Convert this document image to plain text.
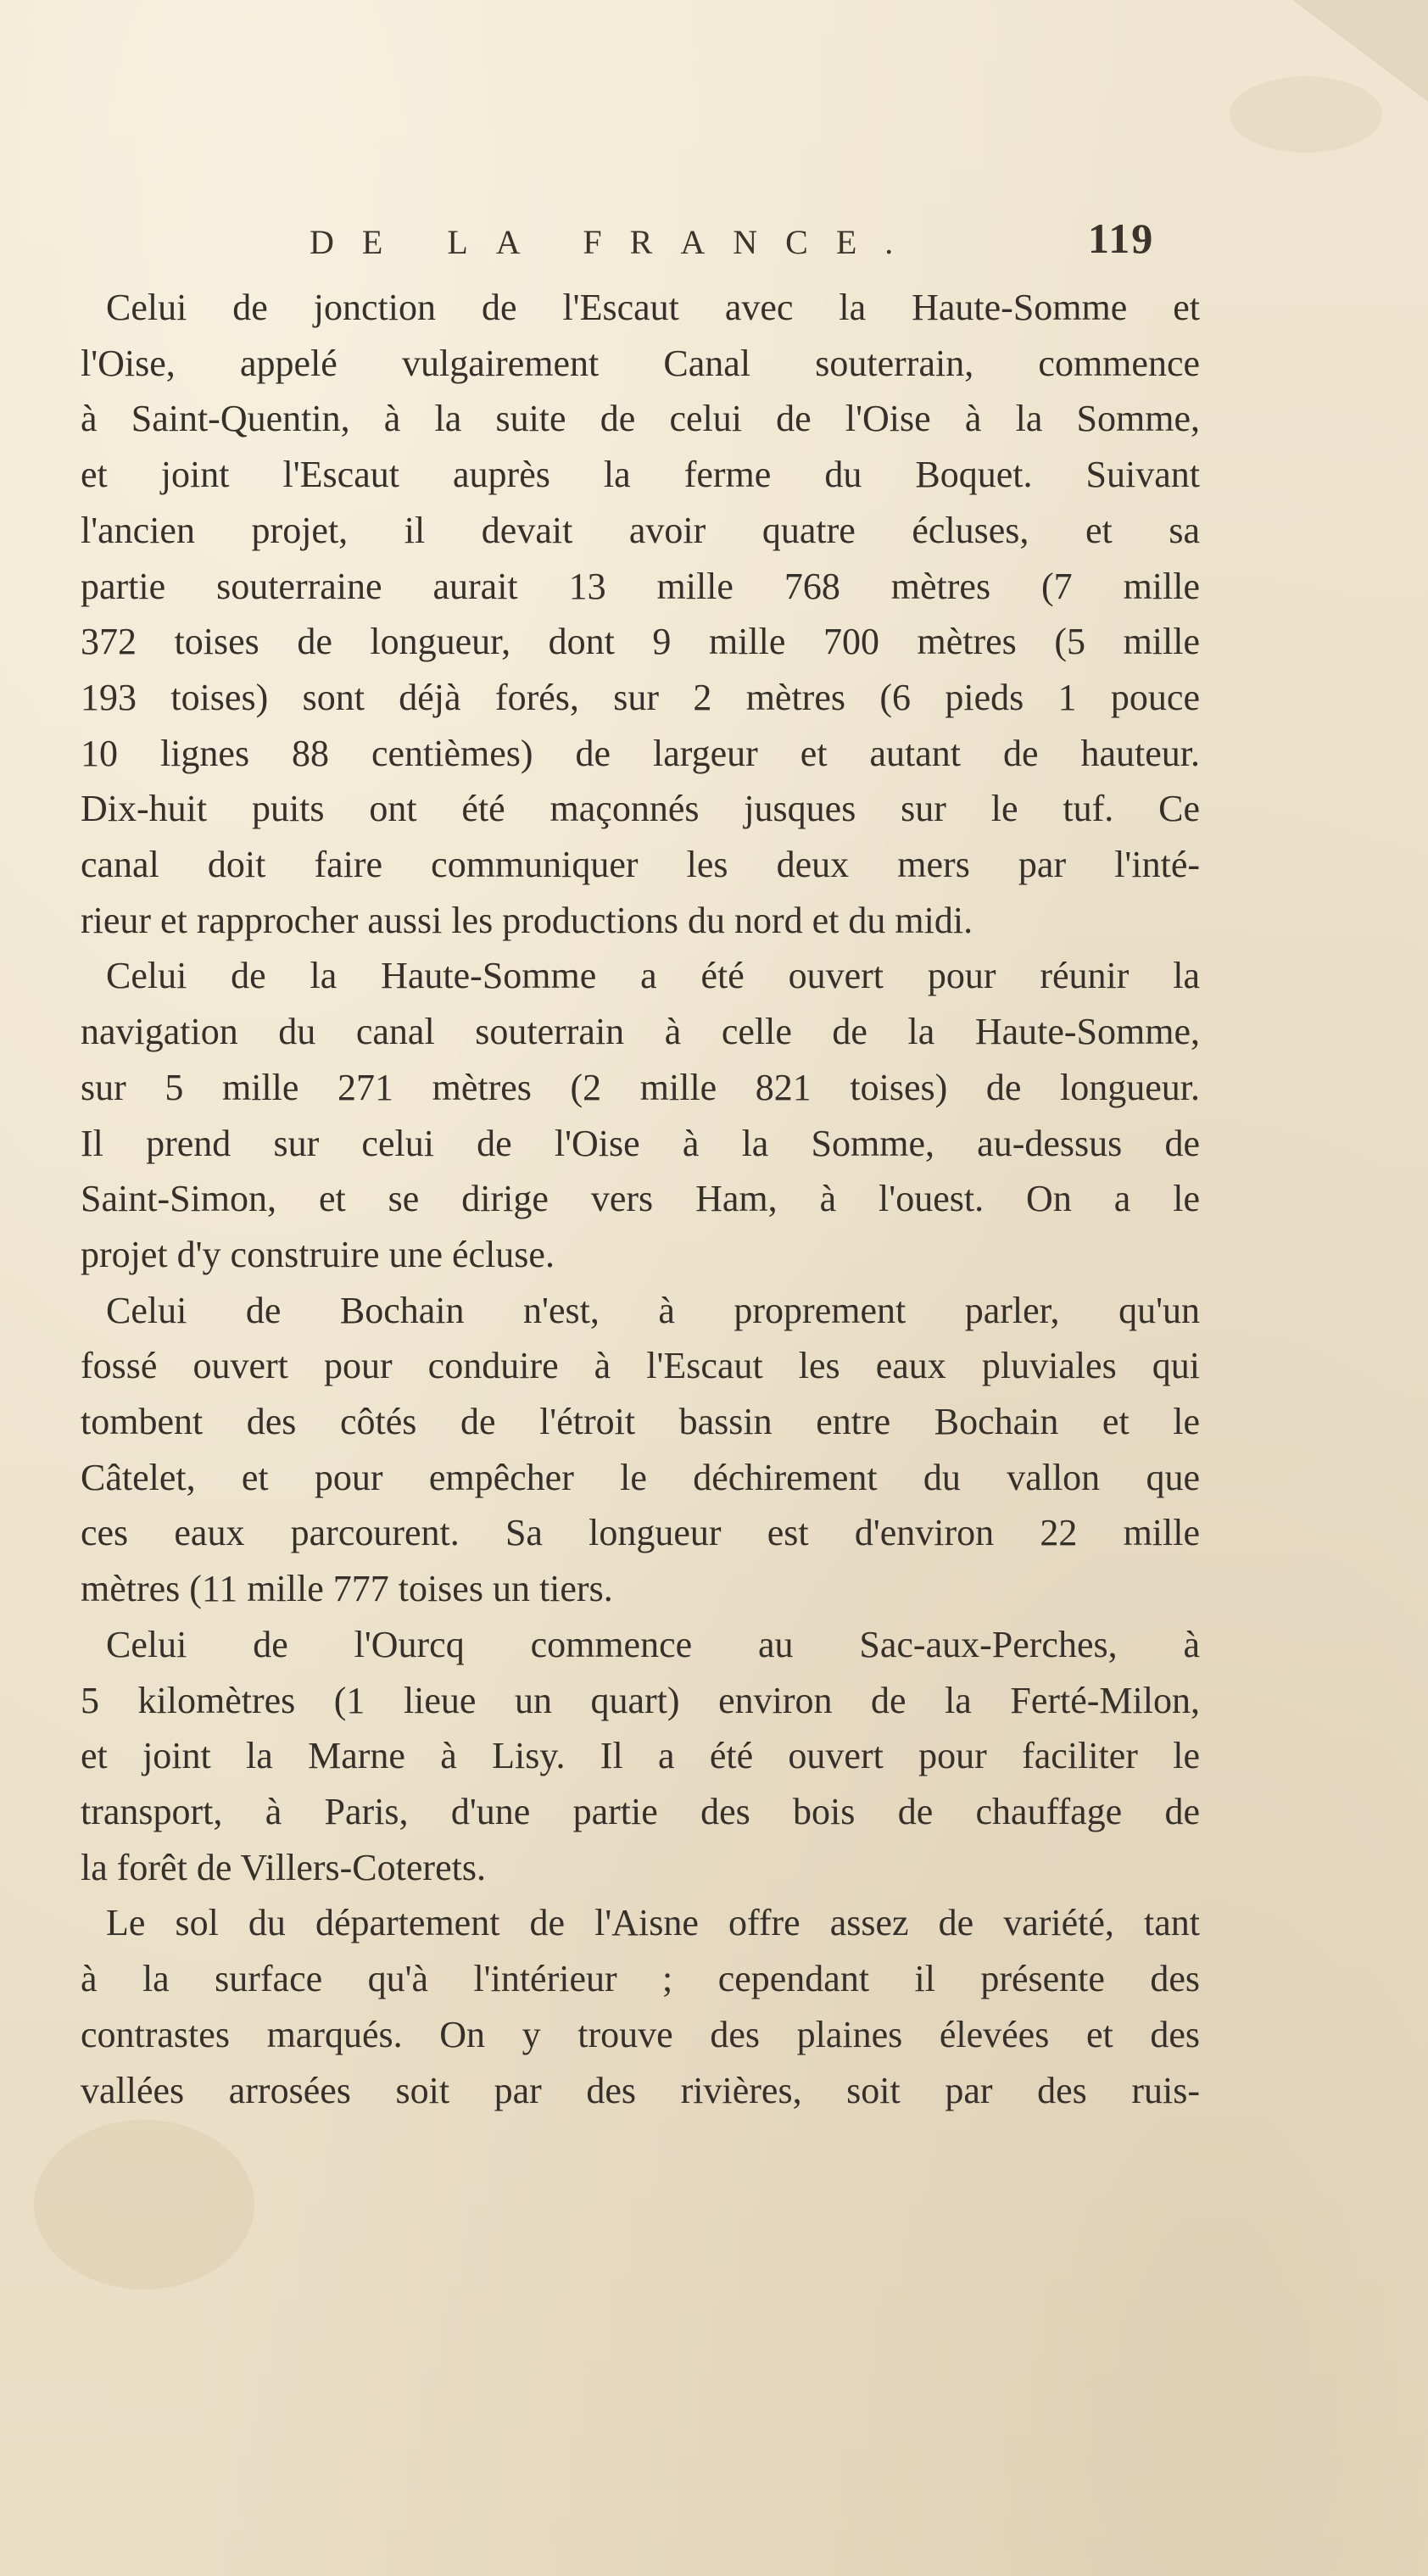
DE LA FRANCE.	119

Celui de jonction de l'Escaut avec la Haute-Somme et
l'Oise, appelé vulgairement Canal souterrain, commence
à Saint-Quentin, à la suite de celui de l'Oise à la Somme,
et joint l'Escaut auprès la ferme du Boquet. Suivant
l'ancien projet, il devait avoir quatre écluses, et sa
partie souterraine aurait 13 mille 768 mètres (7 mille
372 toises de longueur, dont 9 mille 700 mètres (5 mille
193 toises) sont déjà forés, sur 2 mètres (6 pieds 1 pouce
10 lignes 88 centièmes) de largeur et autant de hauteur.
Dix-huit puits ont été maçonnés jusques sur le tuf. Ce
canal doit faire communiquer les deux mers par l'inté-
rieur et rapprocher aussi les productions du nord et du midi.

Celui de la Haute-Somme a été ouvert pour réunir la
navigation du canal souterrain à celle de la Haute-Somme,
sur 5 mille 271 mètres (2 mille 821 toises) de longueur.
Il prend sur celui de l'Oise à la Somme, au-dessus de
Saint-Simon, et se dirige vers Ham, à l'ouest. On a le
projet d'y construire une écluse.

Celui de Bochain n'est, à proprement parler, qu'un
fossé ouvert pour conduire à l'Escaut les eaux pluviales qui
tombent des côtés de l'étroit bassin entre Bochain et le
Câtelet, et pour empêcher le déchirement du vallon que
ces eaux parcourent. Sa longueur est d'environ 22 mille
mètres (11 mille 777 toises un tiers.

Celui de l'Ourcq commence au Sac-aux-Perches, à
5 kilomètres (1 lieue un quart) environ de la Ferté-Milon,
et joint la Marne à Lisy. Il a été ouvert pour faciliter le
transport, à Paris, d'une partie des bois de chauffage de
la forêt de Villers-Coterets.

Le sol du département de l'Aisne offre assez de variété, tant
à la surface qu'à l'intérieur ; cependant il présente des
contrastes marqués. On y trouve des plaines élevées et des
vallées arrosées soit par des rivières, soit par des ruis-
